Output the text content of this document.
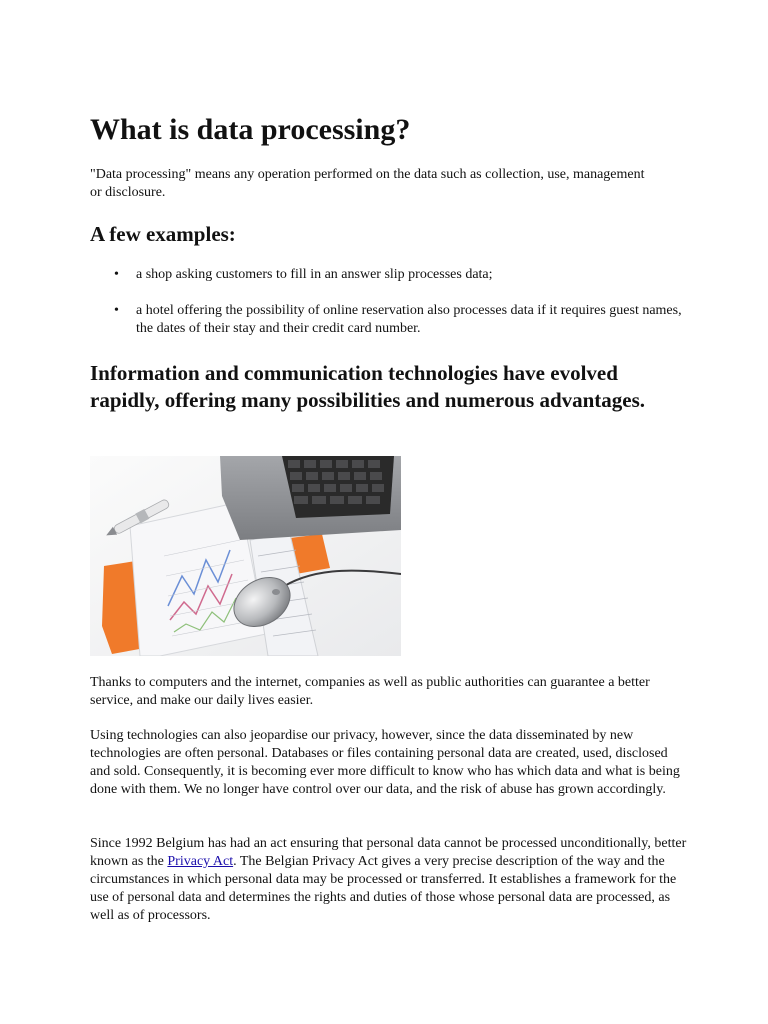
What is data processing?

"Data processing" means any operation performed on the data such as collection, use, management or disclosure.

A few examples:
• a shop asking customers to fill in an answer slip processes data;
• a hotel offering the possibility of online reservation also processes data if it requires guest names, the dates of their stay and their credit card number.
Information and communication technologies have evolved rapidly, offering many possibilities and numerous advantages.

Thanks to computers and the internet, companies as well as public authorities can guarantee a better service, and make our daily lives easier.

Using technologies can also jeopardise our privacy, however, since the data disseminated by new technologies are often personal. Databases or files containing personal data are created, used, disclosed and sold. Consequently, it is becoming ever more difficult to know who has which data and what is being done with them. We no longer have control over our data, and the risk of abuse has grown accordingly.

Since 1992 Belgium has had an act ensuring that personal data cannot be processed unconditionally, better known as the Privacy Act. The Belgian Privacy Act gives a very precise description of the way and the circumstances in which personal data may be processed or transferred. It establishes a framework for the use of personal data and determines the rights and duties of those whose personal data are processed, as well as of processors.
